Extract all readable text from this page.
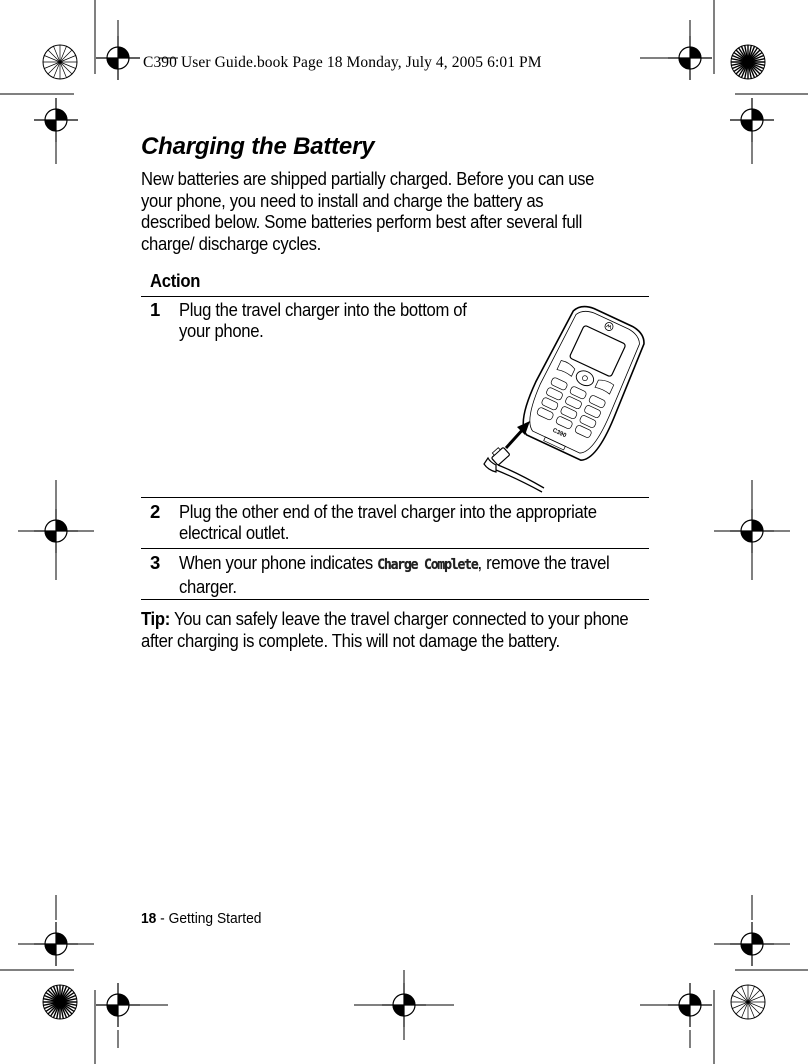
C390 User Guide.book Page 18 Monday, July 4, 2005 6:01 PM
Charging the Battery

New batteries are shipped partially charged. Before you can use your phone, you need to install and charge the battery as described below. Some batteries perform best after several full charge/ discharge cycles.

Action
1 Plug the travel charger into the bottom of your phone.

C390
2 Plug the other end of the travel charger into the appropriate electrical outlet.

3 When your phone indicates Charge Complete, remove the travel charger.

Tip: You can safely leave the travel charger connected to your phone after charging is complete. This will not damage the battery.

18 - Getting Started
